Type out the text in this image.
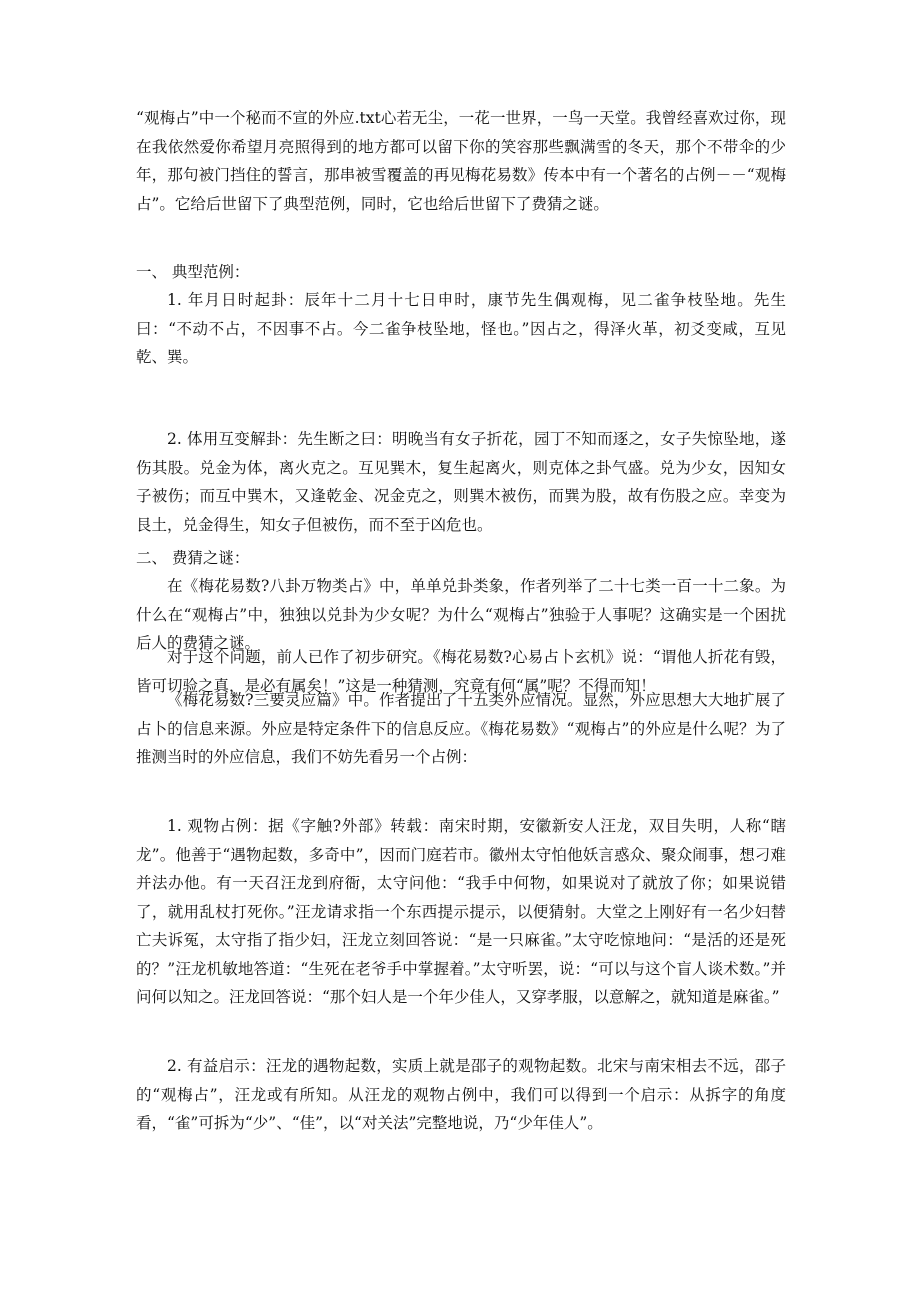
“观梅占”中一个秘而不宣的外应.txt心若无尘，一花一世界，一鸟一天堂。我曾经喜欢过你，现在我依然爱你希望月亮照得到的地方都可以留下你的笑容那些飘满雪的冬天，那个不带伞的少年，那句被门挡住的誓言，那串被雪覆盖的再见梅花易数》传本中有一个著名的占例－－“观梅占”。它给后世留下了典型范例，同时，它也给后世留下了费猜之谜。

一、 典型范例：

1. 年月日时起卦：辰年十二月十七日申时，康节先生偶观梅，见二雀争枝坠地。先生曰：“不动不占，不因事不占。今二雀争枝坠地，怪也。”因占之，得泽火革，初爻变咸，互见乾、巽。

2. 体用互变解卦：先生断之曰：明晚当有女子折花，园丁不知而逐之，女子失惊坠地，遂伤其股。兑金为体，离火克之。互见巽木，复生起离火，则克体之卦气盛。兑为少女，因知女子被伤；而互中巽木，又逢乾金、况金克之，则巽木被伤，而巽为股，故有伤股之应。幸变为艮土，兑金得生，知女子但被伤，而不至于凶危也。

二、 费猜之谜：

在《梅花易数?八卦万物类占》中，单单兑卦类象，作者列举了二十七类一百一十二象。为什么在“观梅占”中，独独以兑卦为少女呢？为什么“观梅占”独验于人事呢？这确实是一个困扰后人的费猜之谜。

对于这个问题，前人已作了初步研究。《梅花易数?心易占卜玄机》说：“谓他人折花有毁，皆可切验之真，是必有属矣！”这是一种猜测，究竟有何“属”呢？不得而知！

《梅花易数?三要灵应篇》中。作者提出了十五类外应情况。显然，外应思想大大地扩展了占卜的信息来源。外应是特定条件下的信息反应。《梅花易数》“观梅占”的外应是什么呢？为了推测当时的外应信息，我们不妨先看另一个占例：

1. 观物占例：据《字触?外部》转载：南宋时期，安徽新安人汪龙，双目失明，人称“瞎龙”。他善于“遇物起数，多奇中”，因而门庭若市。徽州太守怕他妖言惑众、聚众闹事，想刁难并法办他。有一天召汪龙到府衙，太守问他：“我手中何物，如果说对了就放了你；如果说错了，就用乱杖打死你。”汪龙请求指一个东西提示提示，以便猜射。大堂之上刚好有一名少妇替亡夫诉冤，太守指了指少妇，汪龙立刻回答说：“是一只麻雀。”太守吃惊地问：“是活的还是死的？”汪龙机敏地答道：“生死在老爷手中掌握着。”太守听罢，说：“可以与这个盲人谈术数。”并问何以知之。汪龙回答说：“那个妇人是一个年少佳人，又穿孝服，以意解之，就知道是麻雀。”

2. 有益启示：汪龙的遇物起数，实质上就是邵子的观物起数。北宋与南宋相去不远，邵子的“观梅占”，汪龙或有所知。从汪龙的观物占例中，我们可以得到一个启示：从拆字的角度看，“雀”可拆为“少”、“佳”，以“对关法”完整地说，乃“少年佳人”。
